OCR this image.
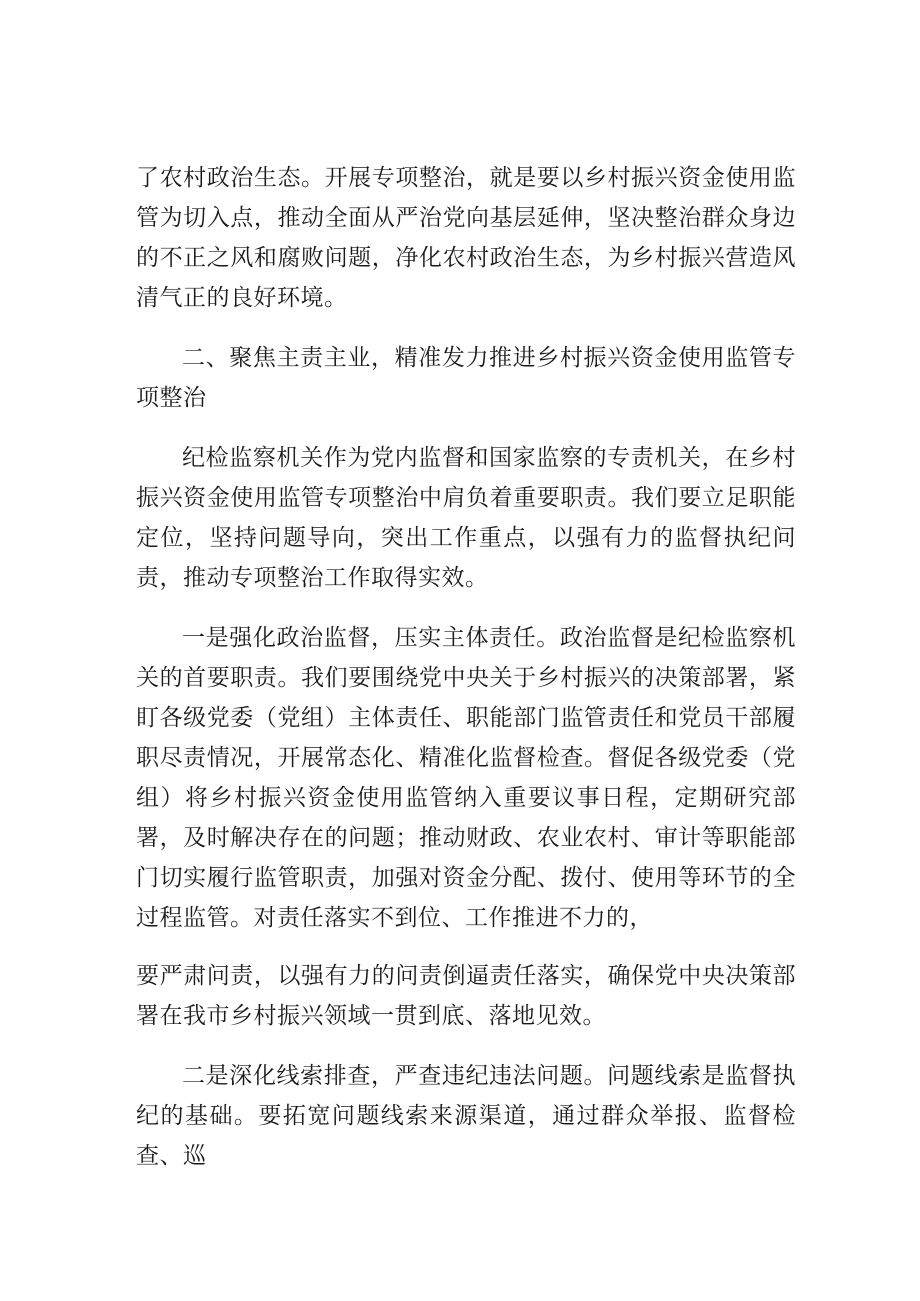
了农村政治生态。开展专项整治，就是要以乡村振兴资金使用监管为切入点，推动全面从严治党向基层延伸，坚决整治群众身边的不正之风和腐败问题，净化农村政治生态，为乡村振兴营造风清气正的良好环境。

二、聚焦主责主业，精准发力推进乡村振兴资金使用监管专项整治

纪检监察机关作为党内监督和国家监察的专责机关，在乡村振兴资金使用监管专项整治中肩负着重要职责。我们要立足职能定位，坚持问题导向，突出工作重点，以强有力的监督执纪问责，推动专项整治工作取得实效。

一是强化政治监督，压实主体责任。政治监督是纪检监察机关的首要职责。我们要围绕党中央关于乡村振兴的决策部署，紧盯各级党委（党组）主体责任、职能部门监管责任和党员干部履职尽责情况，开展常态化、精准化监督检查。督促各级党委（党组）将乡村振兴资金使用监管纳入重要议事日程，定期研究部署，及时解决存在的问题；推动财政、农业农村、审计等职能部门切实履行监管职责，加强对资金分配、拨付、使用等环节的全过程监管。对责任落实不到位、工作推进不力的，

要严肃问责，以强有力的问责倒逼责任落实，确保党中央决策部署在我市乡村振兴领域一贯到底、落地见效。

二是深化线索排查，严查违纪违法问题。问题线索是监督执纪的基础。要拓宽问题线索来源渠道，通过群众举报、监督检查、巡
